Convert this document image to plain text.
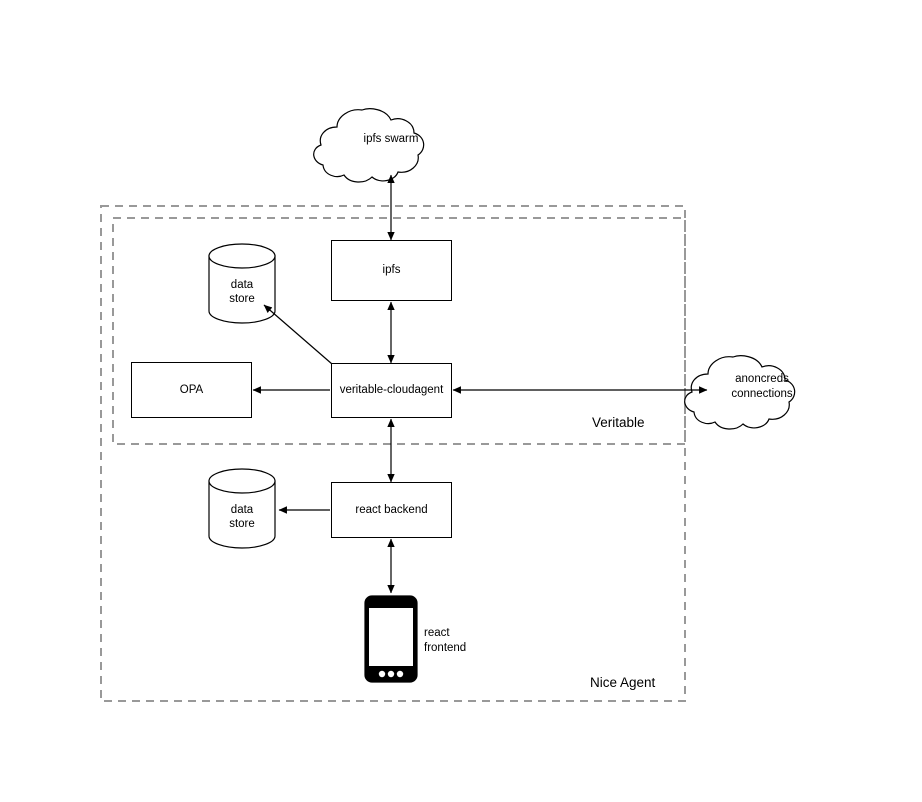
ipfs
OPA	veritable-cloudagent
react backend
ipfs swarm
anoncreds
connections
data
store
data
store
react
frontend
Veritable
Nice Agent
